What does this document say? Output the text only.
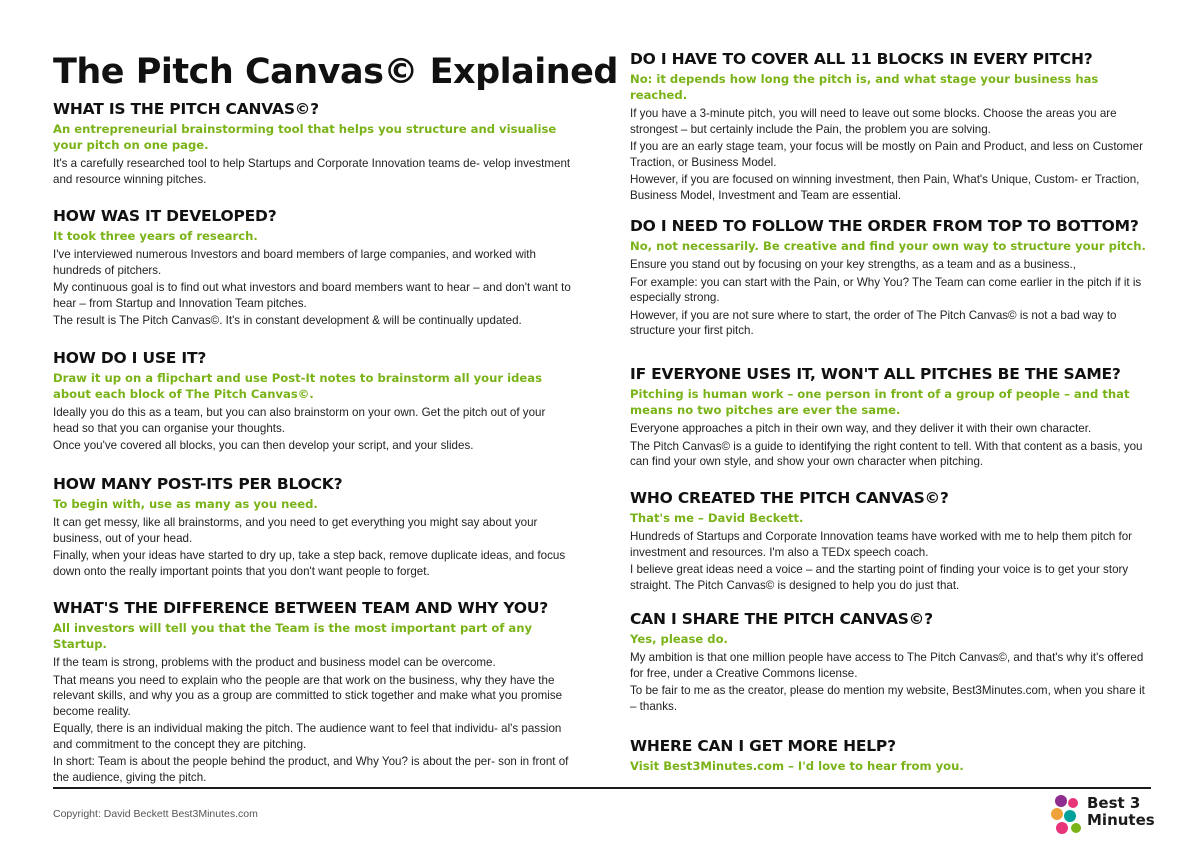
The Pitch Canvas© Explained
WHAT IS THE PITCH CANVAS©?
An entrepreneurial brainstorming tool that helps you structure and visualise your pitch on one page.
It's a carefully researched tool to help Startups and Corporate Innovation teams de- velop investment and resource winning pitches.
HOW WAS IT DEVELOPED?
It took three years of research.
I've interviewed numerous Investors and board members of large companies, and worked with hundreds of pitchers.
My continuous goal is to find out what investors and board members want to hear – and don't want to hear – from Startup and Innovation Team pitches.
The result is The Pitch Canvas©. It's in constant development & will be continually updated.
HOW DO I USE IT?
Draw it up on a flipchart and use Post-It notes to brainstorm all your ideas about each block of The Pitch Canvas©.
Ideally you do this as a team, but you can also brainstorm on your own. Get the pitch out of your head so that you can organise your thoughts.
Once you've covered all blocks, you can then develop your script, and your slides.
HOW MANY POST-ITS PER BLOCK?
To begin with, use as many as you need.
It can get messy, like all brainstorms, and you need to get everything you might say about your business, out of your head.
Finally, when your ideas have started to dry up, take a step back, remove duplicate ideas, and focus down onto the really important points that you don't want people to forget.
WHAT'S THE DIFFERENCE BETWEEN TEAM AND WHY YOU?
All investors will tell you that the Team is the most important part of any Startup.
If the team is strong, problems with the product and business model can be overcome.
That means you need to explain who the people are that work on the business, why they have the relevant skills, and why you as a group are committed to stick together and make what you promise become reality.
Equally, there is an individual making the pitch. The audience want to feel that individu- al's passion and commitment to the concept they are pitching.
In short: Team is about the people behind the product, and Why You? is about the per- son in front of the audience, giving the pitch.
DO I HAVE TO COVER ALL 11 BLOCKS IN EVERY PITCH?
No: it depends how long the pitch is, and what stage your business has reached.
If you have a 3-minute pitch, you will need to leave out some blocks. Choose the areas you are strongest – but certainly include the Pain, the problem you are solving.
If you are an early stage team, your focus will be mostly on Pain and Product, and less on Customer Traction, or Business Model.
However, if you are focused on winning investment, then Pain, What's Unique, Custom- er Traction, Business Model, Investment and Team are essential.
DO I NEED TO FOLLOW THE ORDER FROM TOP TO BOTTOM?
No, not necessarily. Be creative and find your own way to structure your pitch.
Ensure you stand out by focusing on your key strengths, as a team and as a business.,
For example: you can start with the Pain, or Why You? The Team can come earlier in the pitch if it is especially strong.
However, if you are not sure where to start, the order of The Pitch Canvas© is not a bad way to structure your first pitch.
IF EVERYONE USES IT, WON'T ALL PITCHES BE THE SAME?
Pitching is human work – one person in front of a group of people – and that means no two pitches are ever the same.
Everyone approaches a pitch in their own way, and they deliver it with their own character.
The Pitch Canvas© is a guide to identifying the right content to tell. With that content as a basis, you can find your own style, and show your own character when pitching.
WHO CREATED THE PITCH CANVAS©?
That's me – David Beckett.
Hundreds of Startups and Corporate Innovation teams have worked with me to help them pitch for investment and resources. I'm also a TEDx speech coach.
I believe great ideas need a voice – and the starting point of finding your voice is to get your story straight. The Pitch Canvas© is designed to help you do just that.
CAN I SHARE THE PITCH CANVAS©?
Yes, please do.
My ambition is that one million people have access to The Pitch Canvas©, and that's why it's offered for free, under a Creative Commons license.
To be fair to me as the creator, please do mention my website, Best3Minutes.com, when you share it – thanks.
WHERE CAN I GET MORE HELP?
Visit Best3Minutes.com – I'd love to hear from you.
Copyright: David Beckett Best3Minutes.com
Best 3
Minutes
